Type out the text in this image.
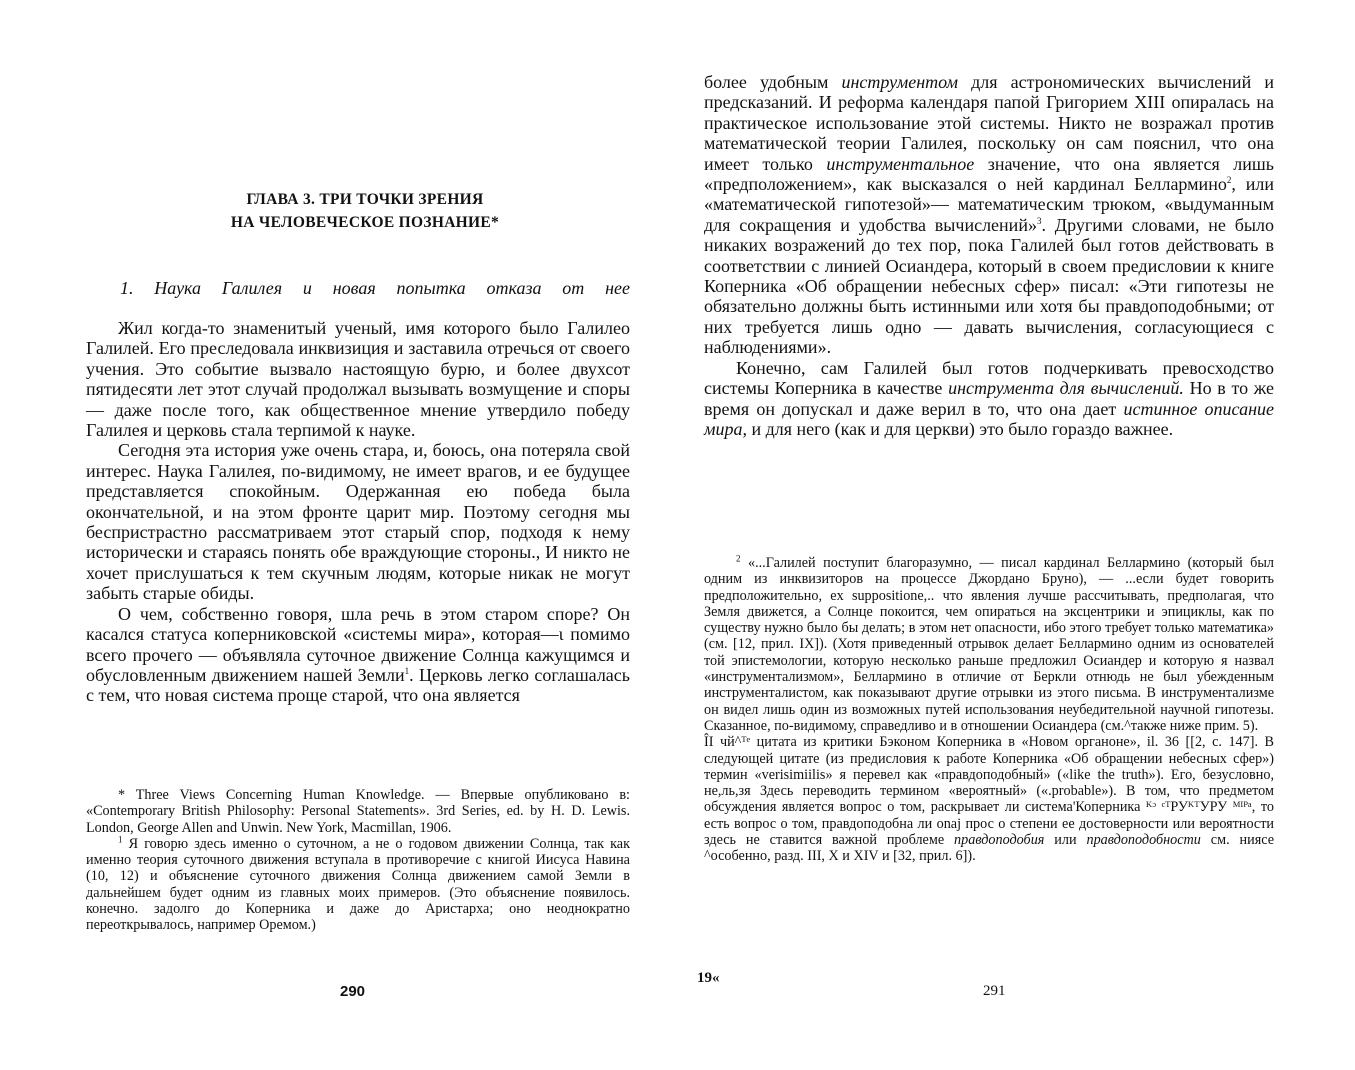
ГЛАВА 3. ТРИ ТОЧКИ ЗРЕНИЯ
НА ЧЕЛОВЕЧЕСКОЕ ПОЗНАНИЕ*
1. Наука Галилея и новая попытка отказа от нее

Жил когда-то знаменитый ученый, имя которого было Галилео Галилей. Его преследовала инквизиция и заставила отречься от своего учения. Это событие вызвало настоящую бурю, и более двухсот пятидесяти лет этот случай продолжал вызывать возмущение и споры — даже после того, как общественное мнение утвердило победу Галилея и церковь стала терпимой к науке.

Сегодня эта история уже очень стара, и, боюсь, она потеряла свой интерес. Наука Галилея, по-видимому, не имеет врагов, и ее будущее представляется спокойным. Одержанная ею победа была окончательной, и на этом фронте царит мир. Поэтому сегодня мы беспристрастно рассматриваем этот старый спор, подходя к нему исторически и стараясь понять обе враждующие стороны., И никто не хочет прислушаться к тем скучным людям, которые никак не могут забыть старые обиды.

О чем, собственно говоря, шла речь в этом старом споре? Он касался статуса коперниковской «системы мира», которая—ι помимо всего прочего — объявляла суточное движение Солнца кажущимся и обусловленным движением нашей Земли$^1$. Церковь легко соглашалась с тем, что новая система проще старой, что она является

* Three Views Concerning Human Knowledge. — Впервые опубликовано в: «Contemporary British Philosophy: Personal Statements». 3rd Series, ed. by H. D. Lewis. London, George Allen and Unwin. New York, Macmillan, 1906.

$^1$ Я говорю здесь именно о суточном, а не о годовом движении Солнца, так как именно теория суточного движения вступала в противоречие с книгой Иисуса Навина (10, 12) и объяснение суточного движения Солнца движением самой Земли в дальнейшем будет одним из главных моих примеров. (Это объяснение появилось. конечно. задолго до Коперника и даже до Аристарха; оно неоднократно переоткрывалось, например Оремом.)

290

более удобным инструментом для астрономических вычислений и предсказаний. И реформа календаря папой Григорием XIII опиралась на практическое использование этой системы. Никто не возражал против математической теории Галилея, поскольку он сам пояснил, что она имеет только инструментальное значение, что она является лишь «предположением», как высказался о ней кардинал Беллармино$^2$, или «математической гипотезой»— математическим трюком, «выдуманным для сокращения и удобства вычислений»$^3$. Другими словами, не было никаких возражений до тех пор, пока Галилей был готов действовать в соответствии с линией Осиандера, который в своем предисловии к книге Коперника «Об обращении небесных сфер» писал: «Эти гипотезы не обязательно должны быть истинными или хотя бы правдоподобными; от них требуется лишь одно — давать вычисления, согласующиеся с наблюдениями».

Конечно, сам Галилей был готов подчеркивать превосходство системы Коперника в качестве инструмента для вычислений. Но в то же время он допускал и даже верил в то, что она дает истинное описание мира, и для него (как и для церкви) это было гораздо важнее.

$^2$ «...Галилей поступит благоразумно, — писал кардинал Беллармино (который был одним из инквизиторов на процессе Джордано Бруно), — ...если будет говорить предположительно, ex suppositione,.. что явления лучше рассчитывать, предполагая, что Земля движется, а Солнце покоится, чем опираться на эксцентрики и эпициклы, как по существу нужно было бы делать; в этом нет опасности, ибо этого требует только математика» (см. [12, прил. IX]). (Хотя приведенный отрывок делает Беллармино одним из основателей той эпистемологии, которую несколько раньше предложил Осиандер и которую я назвал «инструментализмом», Беллармино в отличие от Беркли отнюдь не был убежденным инструменталистом, как показывают другие отрывки из этого письма. В инструментализме он видел лишь один из возможных путей использования неубедительной научной гипотезы. Сказанное, по-видимому, справедливо и в отношении Осиандера (см.^также ниже прим. 5).

ÎI чй^ᵀᵉ цитата из критики Бэконом Коперника в «Новом органоне», il. 36 [[2, с. 147]. В следующей цитате (из предисловия к работе Коперника «Об обращении небесных сфер») термин «verisimiilis» я перевел как «правдоподобный» («like the truth»). Его, безусловно, не,ль,зя Здесь переводить термином «вероятный» («.probable»). В том, что предметом обсуждения является вопрос о том, раскрывает ли система'Коперника ᴷᵓ ᶜᵀРУᴷᵀУРУ ᴹᴵᴾᵃ, то есть вопрос о том, правдоподобна ли onaj прос о степени ее достоверности или вероятности здесь не ставится важной проблеме правдоподобия или правдоподобности см. ниясе ^особенно, разд. III, X и XIV и [32, прил. 6]).

19«
291
